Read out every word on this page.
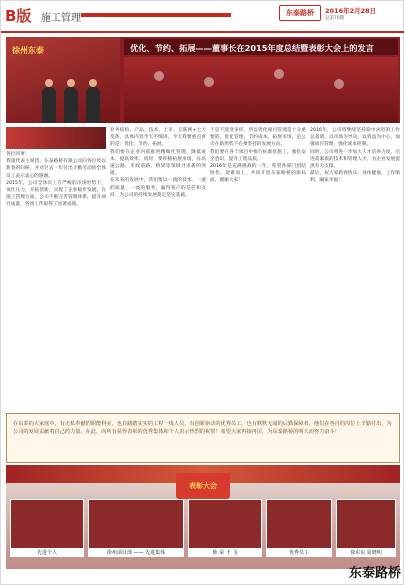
B版 施工管理	东泰路桥	2016年2月28日
总第70期
徐州东泰	优化、节约、拓展——董事长在2015年度总结暨表彰大会上的发言

各位同事：

我谨代表主席团，东泰路桥有限公司向各位致以新春的问候，并对过去一年付出辛勤劳动的全体员工表示衷心的感谢。

2015年，公司全体员工在严峻的市场形势下，顶住压力，开拓创新，实现了企业稳步发展。在施工管理方面，公司不断完善管理体系，提升项目质量，各项工作取得了显著成绩。

业务结构、产品、技术、上市、互联网+七大变革，具体内容今天不细讲，今天我要重点讲的是：优化、节约、拓展。

我们要在企业内部推进精细化管理，降低成本，提高效率。同时，要积极拓展市场，在高速公路、市政道路、桥梁等领域寻求新的突破。

在未来的发展中，我们要以一流的技术、一流的质量、一流的服务，赢得客户的信任和支持，为公司的持续发展奠定坚实基础。

不是不能变多样，所以优化项目管理是十分重要的。优化管理，节约成本，拓展市场，是公司在新形势下必须坚持的发展方向。

我们要在各个项目中推行标准化施工，强化安全意识，提升工程品质。

2016年是充满挑战的一年，希望各部门团结协作，迎难而上，共同开创东泰路桥的新局面，谢谢大家！

2016年，公司将继续坚持稳中求进的工作总基调，以市场为导向，以效益为中心，加强项目管理，强化成本控制。

同时，公司将进一步加大人才培养力度，引进高素质的技术和管理人才，为企业发展提供有力支撑。

最后，祝大家新春快乐，身体健康，工作顺利，阖家幸福！

在东泰的大家庭中，有无私奉献的职能科室，也有踏踏实实的工程一线人员，有创新驱动的优秀员工，也有默默无闻的后勤保障者。他们在各自的岗位上辛勤付出，为公司的发展贡献着自己的力量。在此，向所有获得表彰的优秀集体和个人表示热烈的祝贺！希望大家再接再厉，为东泰路桥的明天而努力奋斗！
表彰大会
先进个人	徐州项目部 —— 先进集体	陈 荣 王 飞	优秀员工	徐东东 夏晓明
东泰路桥
